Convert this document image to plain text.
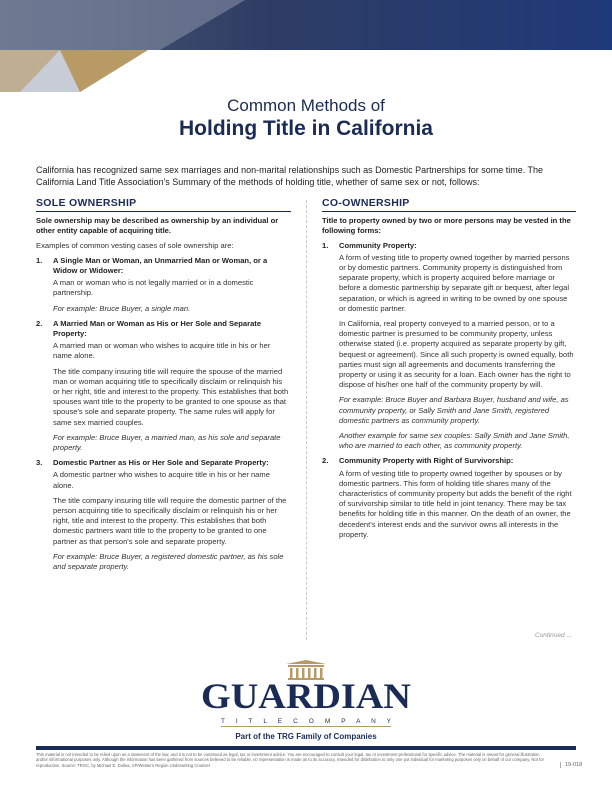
Common Methods of
Holding Title in California
California has recognized same sex marriages and non-marital relationships such as Domestic Partnerships for some time. The California Land Title Association's Summary of the methods of holding title, whether of same sex or not, follows:
SOLE OWNERSHIP

Sole ownership may be described as ownership by an individual or other entity capable of acquiring title.

Examples of common vesting cases of sole ownership are:

1.	A Single Man or Woman, an Unmarried Man or Woman, or a Widow or Widower:

A man or woman who is not legally married or in a domestic partnership.

For example: Bruce Buyer, a single man.

2.	A Married Man or Woman as His or Her Sole and Separate Property:

A married man or woman who wishes to acquire title in his or her name alone.

The title company insuring title will require the spouse of the married man or woman acquiring title to specifically disclaim or relinquish his or her right, title and interest to the property. This establishes that both spouses want title to the property to be granted to one spouse as that spouse's sole and separate property. The same rules will apply for same sex married couples.

For example: Bruce Buyer, a married man, as his sole and separate property.

3.	Domestic Partner as His or Her Sole and Separate Property:

A domestic partner who wishes to acquire title in his or her name alone.

The title company insuring title will require the domestic partner of the person acquiring title to specifically disclaim or relinquish his or her right, title and interest to the property. This establishes that both domestic partners want title to the property to be granted to one partner as that person's sole and separate property.

For example: Bruce Buyer, a registered domestic partner, as his sole and separate property.

CO-OWNERSHIP

Title to property owned by two or more persons may be vested in the following forms:

1.	Community Property:

A form of vesting title to property owned together by married persons or by domestic partners. Community property is distinguished from separate property, which is property acquired before marriage or before a domestic partnership by separate gift or bequest, after legal separation, or which is agreed in writing to be owned by one spouse or domestic partner.

In California, real property conveyed to a married person, or to a domestic partner is presumed to be community property, unless otherwise stated (i.e. property acquired as separate property by gift, bequest or agreement). Since all such property is owned equally, both parties must sign all agreements and documents transferring the property or using it as security for a loan. Each owner has the right to dispose of his/her one half of the community property by will.

For example: Bruce Buyer and Barbara Buyer, husband and wife, as community property, or Sally Smith and Jane Smith, registered domestic partners as community property.

Another example for same sex couples: Sally Smith and Jane Smith, who are married to each other, as community property.

2.	Community Property with Right of Survivorship:

A form of vesting title to property owned together by spouses or by domestic partners. This form of holding title shares many of the characteristics of community property but adds the benefit of the right of survivorship similar to title held in joint tenancy. There may be tax benefits for holding title in this manner. On the death of an owner, the decedent's interest ends and the survivor owns all interests in the property.

Continued ...
GUARDIAN
T I T L E C O M P A N Y
Part of the TRG Family of Companies
This material is not intended to be relied upon as a statement of the law, and it is not to be construed as legal, tax or investment advice. You are encouraged to consult your legal, tax or investment professional for specific advice. The material is meant for general illustration and/or informational purposes only. Although the information has been gathered from sources believed to be reliable, no representation is made as to its accuracy. Intended for distribution to only one pot individual for marketing purposes only on behalf of our company. Not for reproduction. Source: TRGC, by Michael E. Dullea, VP/Western Region Underwriting Counsel	19-018
